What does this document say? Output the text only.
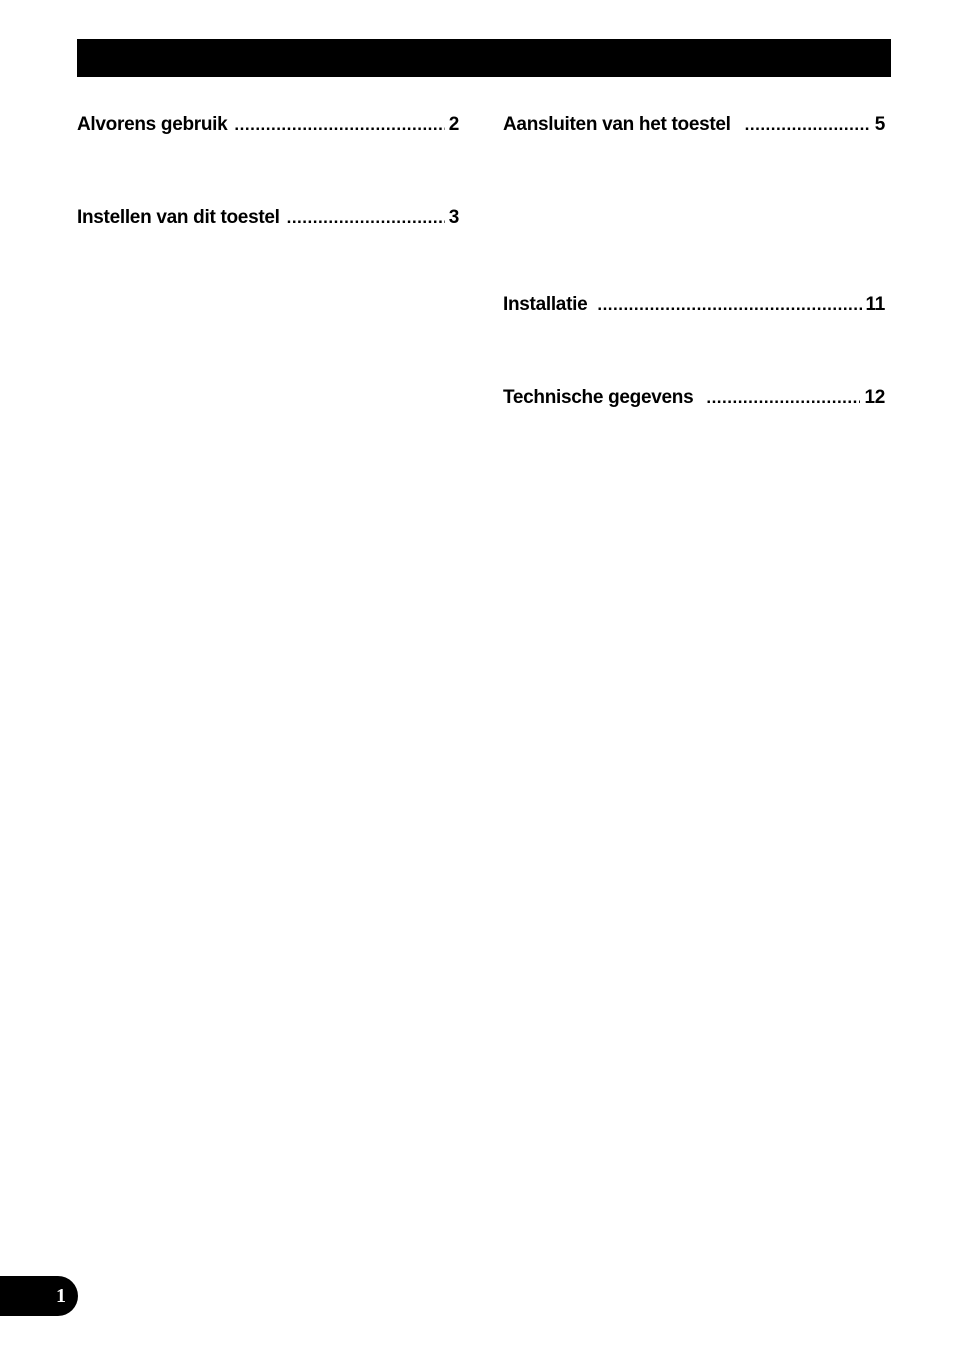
Alvorens gebruik .....	2
Instellen van dit toestel .....	3
Aansluiten van het toestel .....	5
Installatie .....	11
Technische gegevens .....	12
1
